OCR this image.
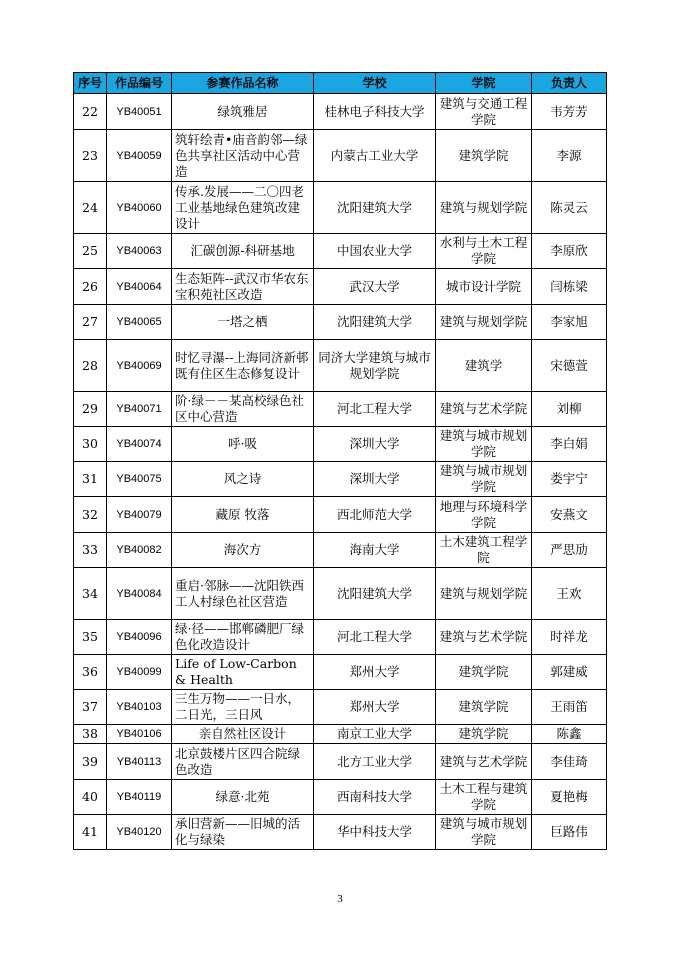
序号	作品编号	参赛作品名称	学校	学院	负责人
22	YB40051	绿筑雅居	桂林电子科技大学	建筑与交通工程学院	韦芳芳
23	YB40059	筑轩绘青•庙音韵邻—绿色共享社区活动中心营造	内蒙古工业大学	建筑学院	李源
24	YB40060	传承.发展——二〇四老工业基地绿色建筑改建设计	沈阳建筑大学	建筑与规划学院	陈灵云
25	YB40063	汇碳创源-科研基地	中国农业大学	水利与土木工程学院	李原欣
26	YB40064	生态矩阵--武汉市华农东宝积苑社区改造	武汉大学	城市设计学院	闫栋梁
27	YB40065	一塔之栖	沈阳建筑大学	建筑与规划学院	李家旭
28	YB40069	时忆寻瀑--上海同济新邨既有住区生态修复设计	同济大学建筑与城市规划学院	建筑学	宋德萱
29	YB40071	阶·绿－－某高校绿色社区中心营造	河北工程大学	建筑与艺术学院	刘柳
30	YB40074	呼·吸	深圳大学	建筑与城市规划学院	李白娟
31	YB40075	风之诗	深圳大学	建筑与城市规划学院	娄宇宁
32	YB40079	藏原 牧落	西北师范大学	地理与环境科学学院	安燕文
33	YB40082	海次方	海南大学	土木建筑工程学院	严思劢
34	YB40084	重启·邻脉——沈阳铁西工人村绿色社区营造	沈阳建筑大学	建筑与规划学院	王欢
35	YB40096	绿·径——邯郸磷肥厂绿色化改造设计	河北工程大学	建筑与艺术学院	时祥龙
36	YB40099	Life of Low-Carbon & Health	郑州大学	建筑学院	郭建威
37	YB40103	三生万物——一日水，二日光，三日风	郑州大学	建筑学院	王雨笛
38	YB40106	亲自然社区设计	南京工业大学	建筑学院	陈鑫
39	YB40113	北京鼓楼片区四合院绿色改造	北方工业大学	建筑与艺术学院	李佳琦
40	YB40119	绿意·北苑	西南科技大学	土木工程与建筑学院	夏艳梅
41	YB40120	承旧营新——旧城的活化与绿染	华中科技大学	建筑与城市规划学院	巨路伟
3
